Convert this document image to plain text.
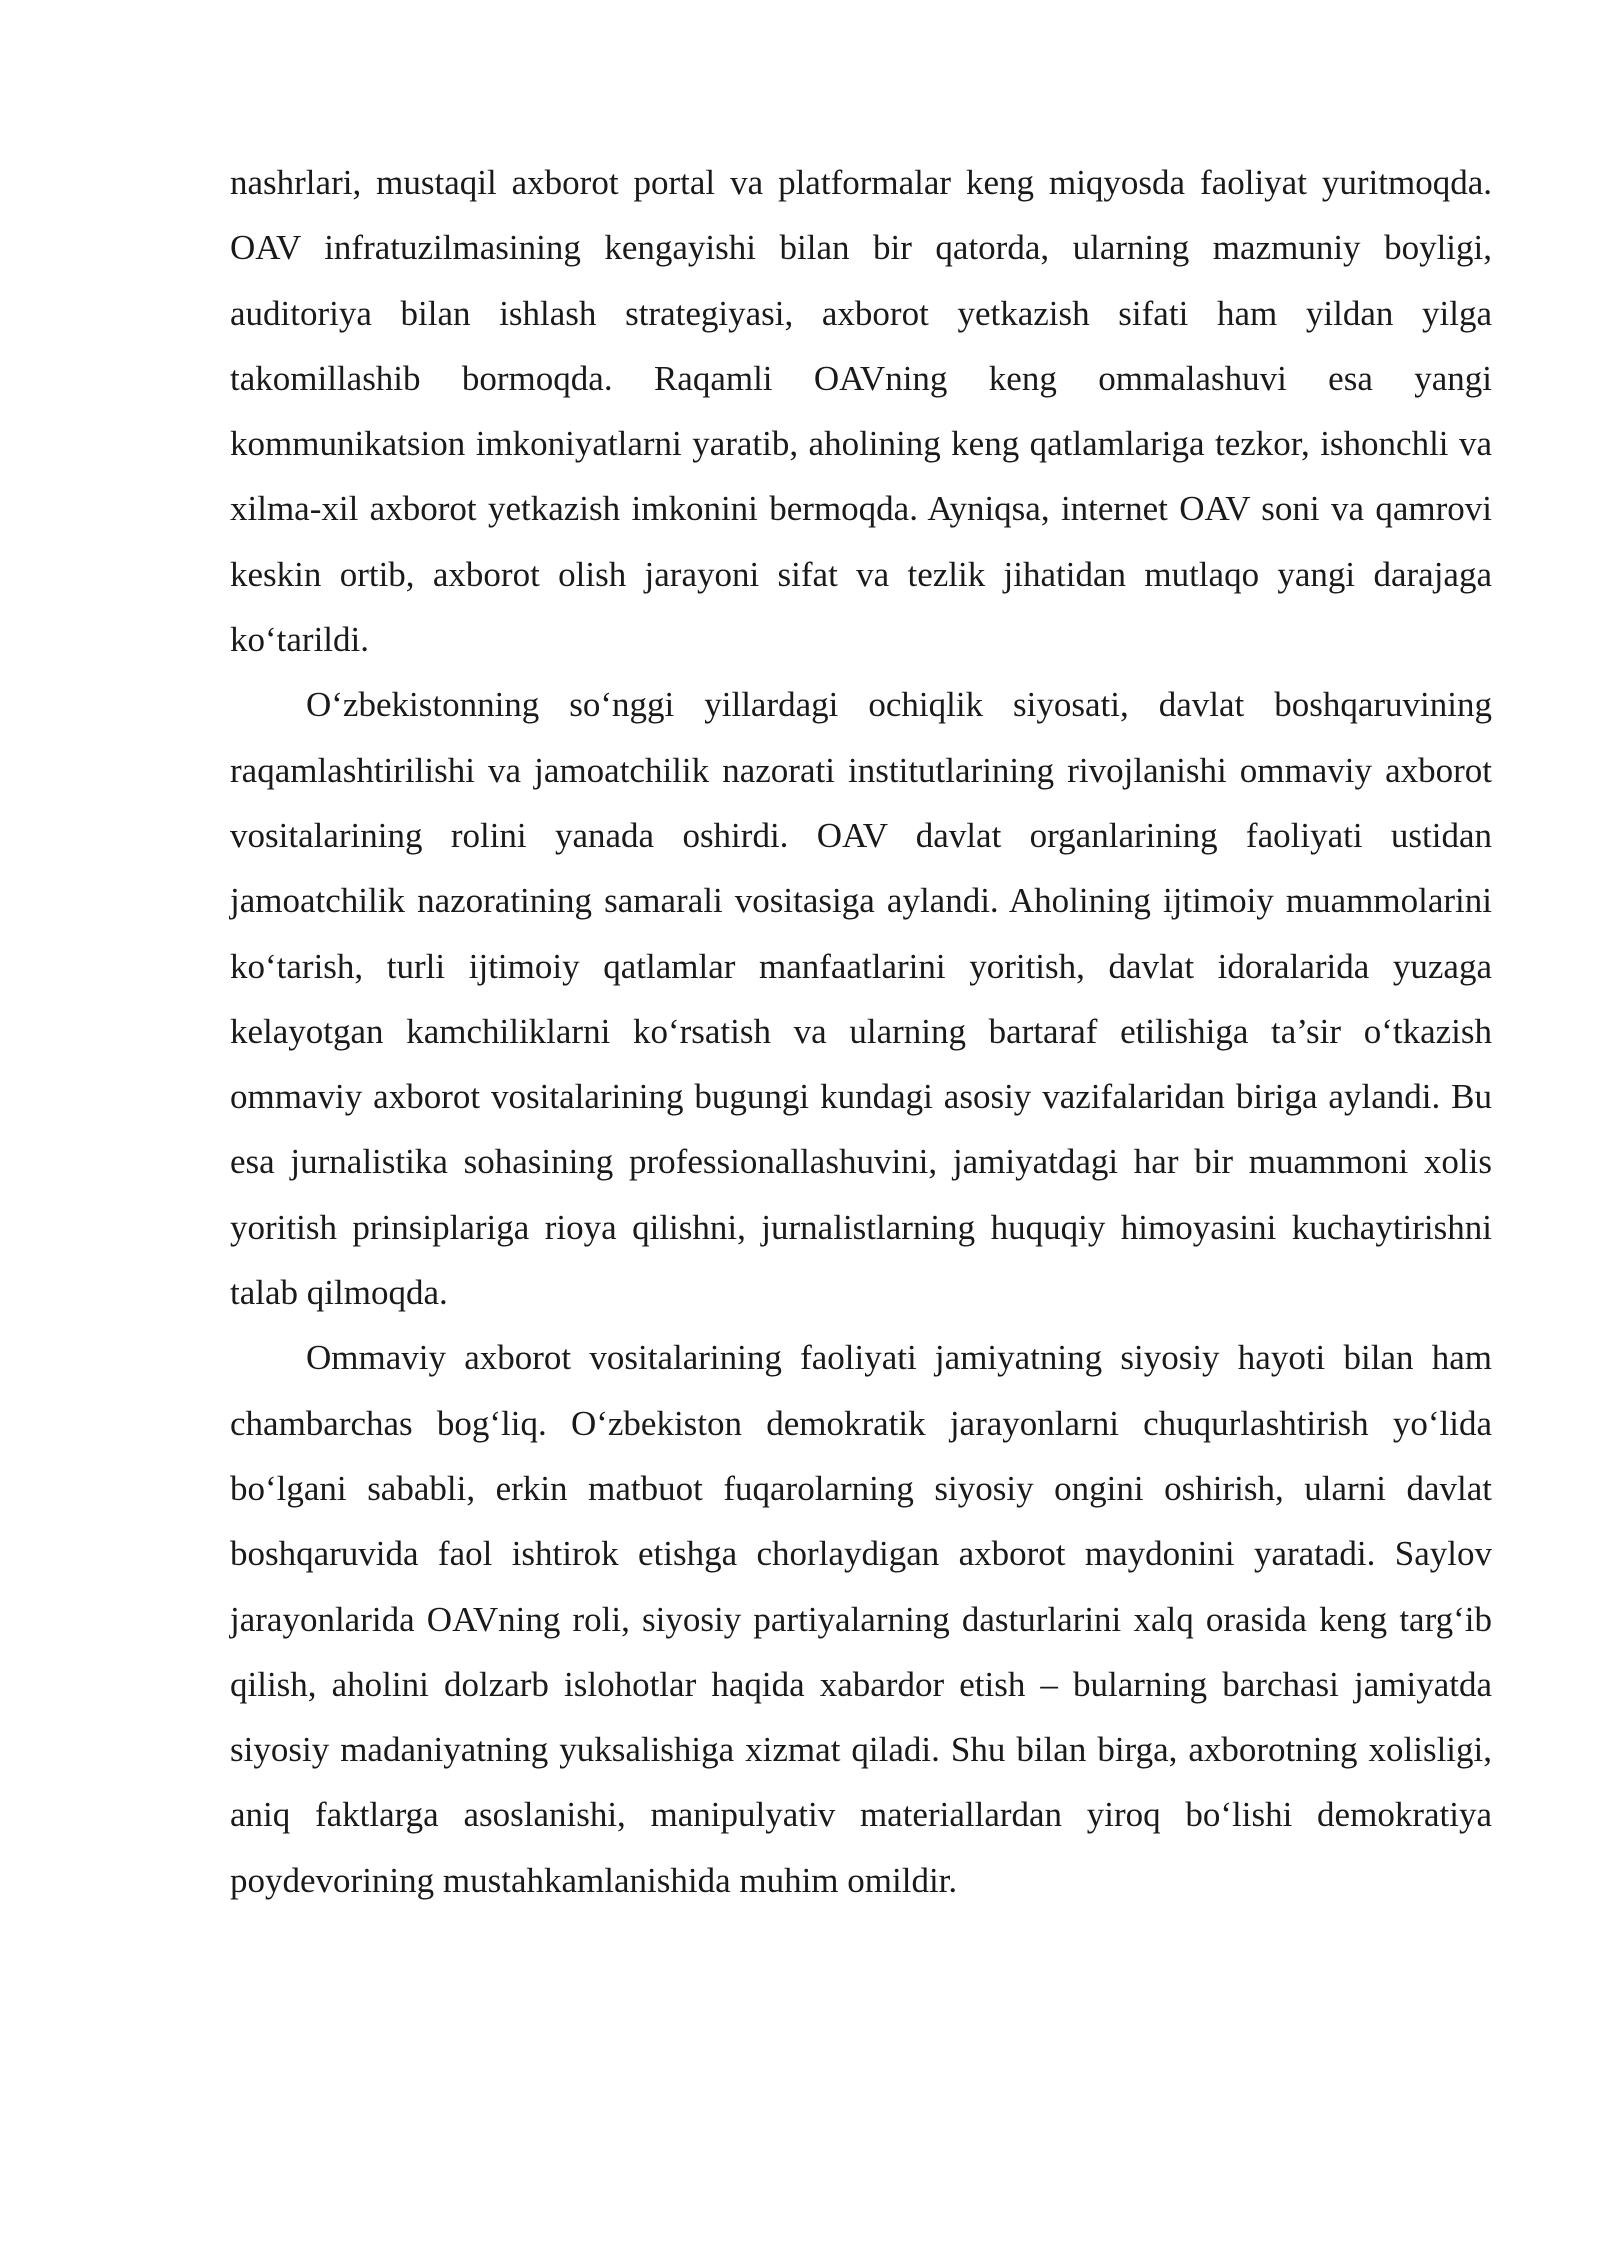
nashrlari, mustaqil axborot portal va platformalar keng miqyosda faoliyat yuritmoqda. OAV infratuzilmasining kengayishi bilan bir qatorda, ularning mazmuniy boyligi, auditoriya bilan ishlash strategiyasi, axborot yetkazish sifati ham yildan yilga takomillashib bormoqda. Raqamli OAVning keng ommalashuvi esa yangi kommunikatsion imkoniyatlarni yaratib, aholining keng qatlamlariga tezkor, ishonchli va xilma-xil axborot yetkazish imkonini bermoqda. Ayniqsa, internet OAV soni va qamrovi keskin ortib, axborot olish jarayoni sifat va tezlik jihatidan mutlaqo yangi darajaga ko‘tarildi.

O‘zbekistonning so‘nggi yillardagi ochiqlik siyosati, davlat boshqaruvining raqamlashtirilishi va jamoatchilik nazorati institutlarining rivojlanishi ommaviy axborot vositalarining rolini yanada oshirdi. OAV davlat organlarining faoliyati ustidan jamoatchilik nazoratining samarali vositasiga aylandi. Aholining ijtimoiy muammolarini ko‘tarish, turli ijtimoiy qatlamlar manfaatlarini yoritish, davlat idoralarida yuzaga kelayotgan kamchiliklarni ko‘rsatish va ularning bartaraf etilishiga ta’sir o‘tkazish ommaviy axborot vositalarining bugungi kundagi asosiy vazifalaridan biriga aylandi. Bu esa jurnalistika sohasining professionallashuvini, jamiyatdagi har bir muammoni xolis yoritish prinsiplariga rioya qilishni, jurnalistlarning huquqiy himoyasini kuchaytirishni talab qilmoqda.

Ommaviy axborot vositalarining faoliyati jamiyatning siyosiy hayoti bilan ham chambarchas bog‘liq. O‘zbekiston demokratik jarayonlarni chuqurlashtirish yo‘lida bo‘lgani sababli, erkin matbuot fuqarolarning siyosiy ongini oshirish, ularni davlat boshqaruvida faol ishtirok etishga chorlaydigan axborot maydonini yaratadi. Saylov jarayonlarida OAVning roli, siyosiy partiyalarning dasturlarini xalq orasida keng targ‘ib qilish, aholini dolzarb islohotlar haqida xabardor etish – bularning barchasi jamiyatda siyosiy madaniyatning yuksalishiga xizmat qiladi. Shu bilan birga, axborotning xolisligi, aniq faktlarga asoslanishi, manipulyativ materiallardan yiroq bo‘lishi demokratiya poydevorining mustahkamlanishida muhim omildir.
